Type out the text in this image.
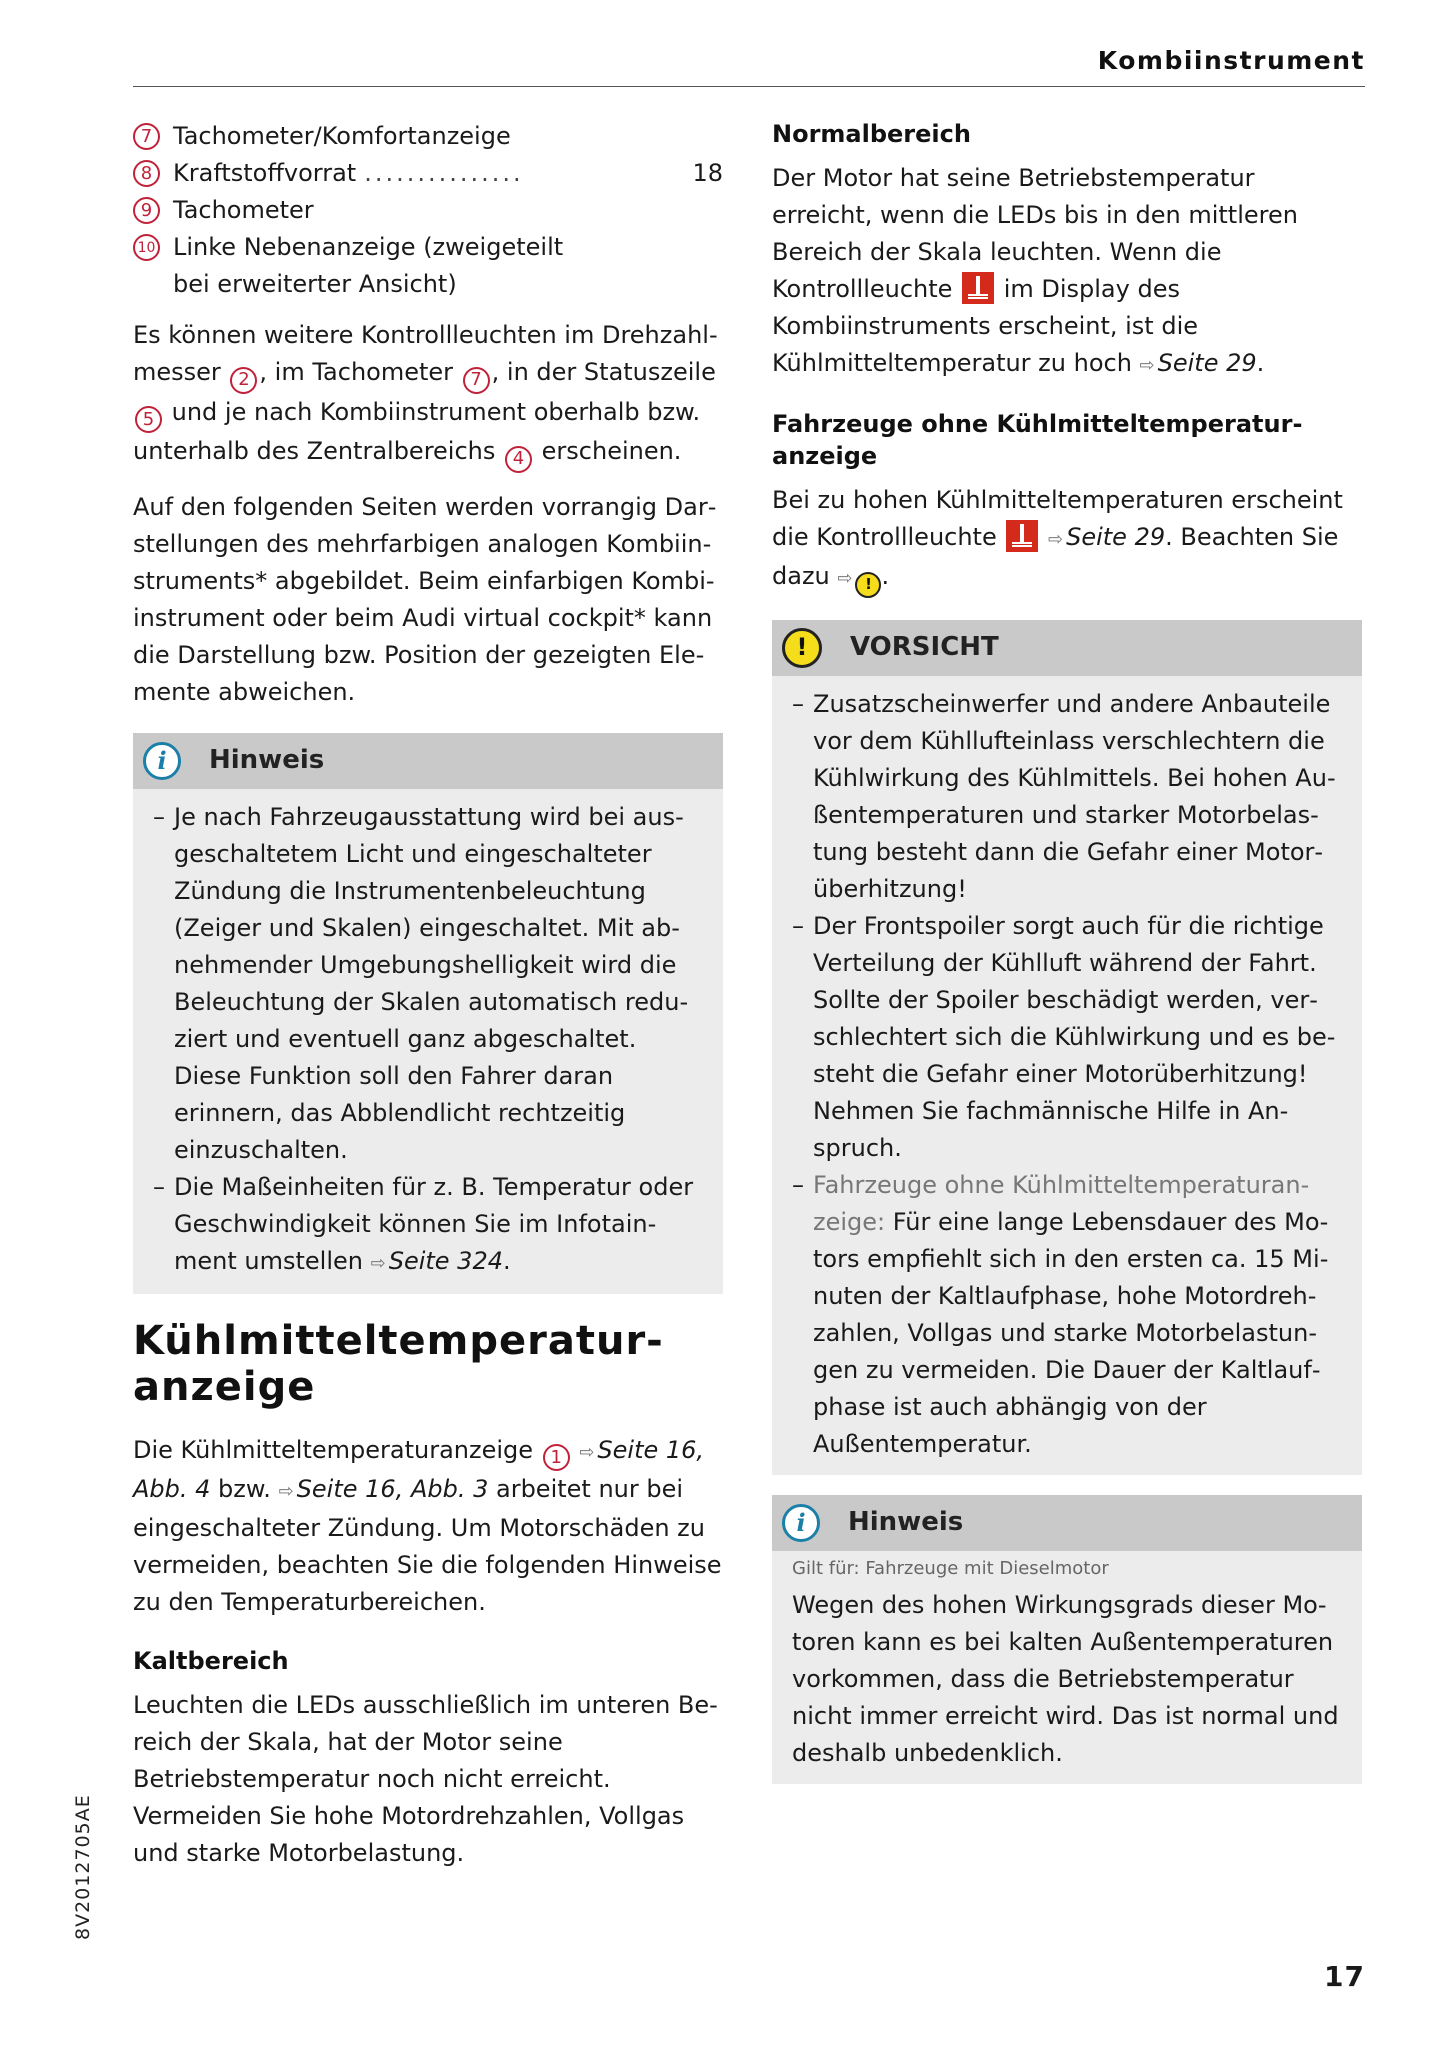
Kombiinstrument
7 Tachometer/Komfortanzeige
8 Kraftstoffvorrat ...............	18
9 Tachometer
10 Linke Nebenanzeige (zweigeteilt bei erweiterter Ansicht)

Es können weitere Kontrollleuchten im Drehzahlmesser 2 , im Tachometer 7 , in der Statuszeile 5 und je nach Kombiinstrument oberhalb bzw. unterhalb des Zentralbereichs 4 erscheinen.

Auf den folgenden Seiten werden vorrangig Darstellungen des mehrfarbigen analogen Kombiinstruments* abgebildet. Beim einfarbigen Kombiinstrument oder beim Audi virtual cockpit* kann die Darstellung bzw. Position der gezeigten Elemente abweichen.

i	Hinweis
– Je nach Fahrzeugausstattung wird bei ausgeschaltetem Licht und eingeschalteter Zündung die Instrumentenbeleuchtung (Zeiger und Skalen) eingeschaltet. Mit abnehmender Umgebungshelligkeit wird die Beleuchtung der Skalen automatisch reduziert und eventuell ganz abgeschaltet. Diese Funktion soll den Fahrer daran erinnern, das Abblendlicht rechtzeitig einzuschalten.
– Die Maßeinheiten für z. B. Temperatur oder Geschwindigkeit können Sie im Infotainment umstellen ⇨ Seite 324.
Kühlmitteltemperaturanzeige

Die Kühlmitteltemperaturanzeige 1 ⇨ Seite 16, Abb. 4 bzw. ⇨ Seite 16, Abb. 3 arbeitet nur bei eingeschalteter Zündung. Um Motorschäden zu vermeiden, beachten Sie die folgenden Hinweise zu den Temperaturbereichen.

Kaltbereich

Leuchten die LEDs ausschließlich im unteren Bereich der Skala, hat der Motor seine Betriebstemperatur noch nicht erreicht. Vermeiden Sie hohe Motordrehzahlen, Vollgas und starke Motorbelastung.

Normalbereich

Der Motor hat seine Betriebstemperatur erreicht, wenn die LEDs bis in den mittleren Bereich der Skala leuchten. Wenn die Kontrollleuchte  im Display des Kombiinstruments erscheint, ist die Kühlmitteltemperatur zu hoch ⇨ Seite 29.

Fahrzeuge ohne Kühlmitteltemperaturanzeige

Bei zu hohen Kühlmitteltemperaturen erscheint die Kontrollleuchte  ⇨ Seite 29. Beachten Sie dazu ⇨ ! .

!	VORSICHT
– Zusatzscheinwerfer und andere Anbauteile vor dem Kühllufteinlass verschlechtern die Kühlwirkung des Kühlmittels. Bei hohen Außentemperaturen und starker Motorbelastung besteht dann die Gefahr einer Motorüberhitzung!
– Der Frontspoiler sorgt auch für die richtige Verteilung der Kühlluft während der Fahrt. Sollte der Spoiler beschädigt werden, verschlechtert sich die Kühlwirkung und es besteht die Gefahr einer Motorüberhitzung! Nehmen Sie fachmännische Hilfe in Anspruch.
– Fahrzeuge ohne Kühlmitteltemperaturanzeige: Für eine lange Lebensdauer des Motors empfiehlt sich in den ersten ca. 15 Minuten der Kaltlaufphase, hohe Motordrehzahlen, Vollgas und starke Motorbelastungen zu vermeiden. Die Dauer der Kaltlaufphase ist auch abhängig von der Außentemperatur.
i	Hinweis
Gilt für: Fahrzeuge mit Dieselmotor

Wegen des hohen Wirkungsgrads dieser Motoren kann es bei kalten Außentemperaturen vorkommen, dass die Betriebstemperatur nicht immer erreicht wird. Das ist normal und deshalb unbedenklich.

8V2012705AE
17
